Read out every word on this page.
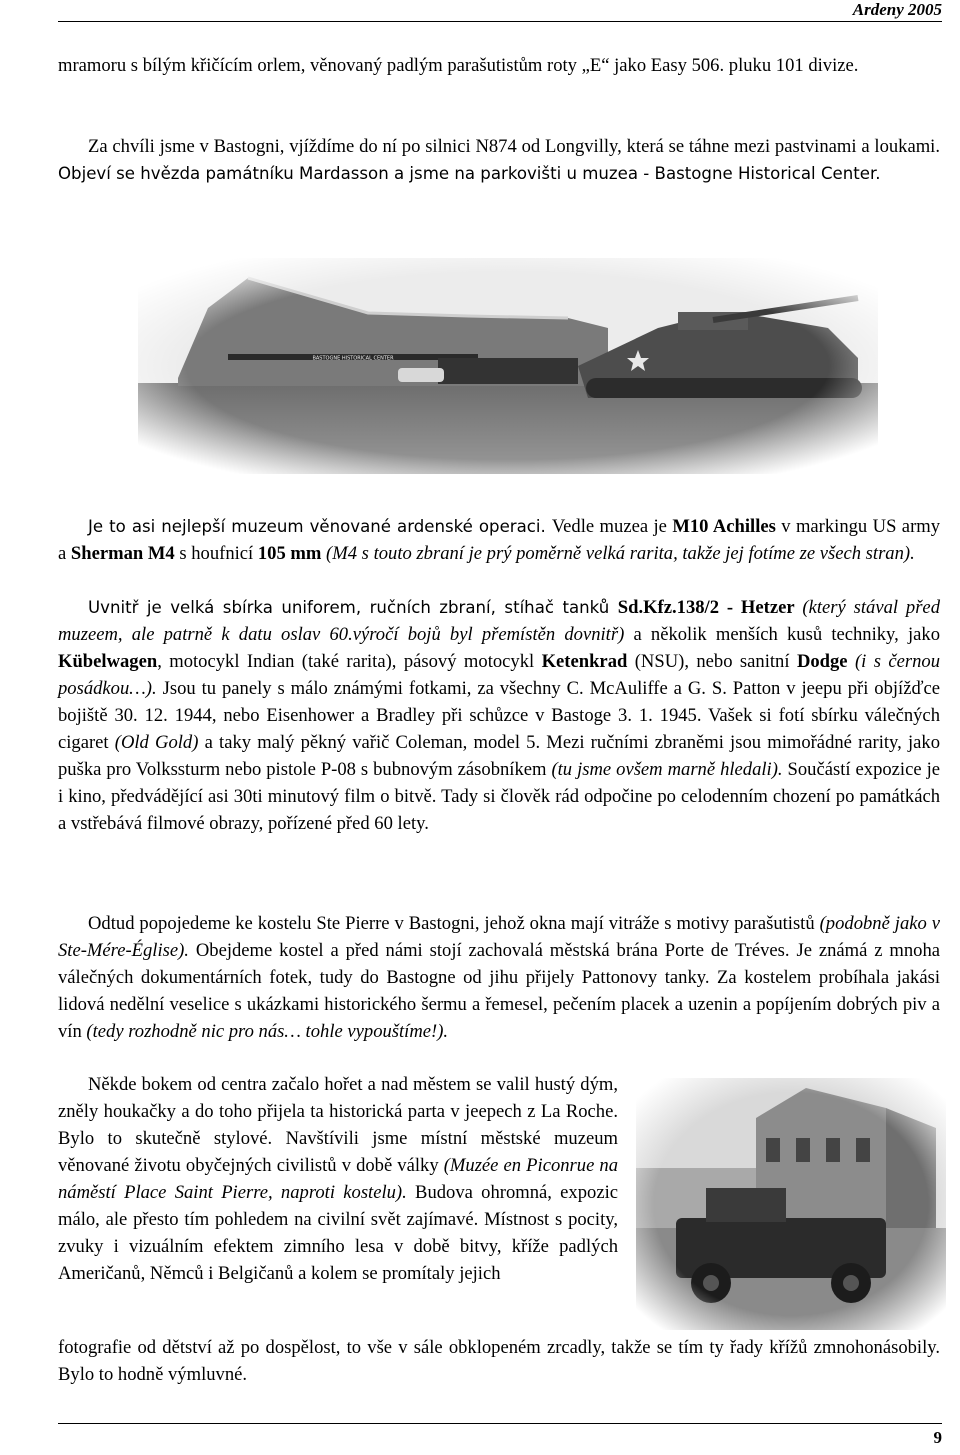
Ardeny 2005

mramoru s bílým křičícím orlem, věnovaný padlým parašutistům roty „E“ jako Easy 506. pluku 101 divize.

Za chvíli jsme v Bastogni, vjíždíme do ní po silnici N874 od Longvilly, která se táhne mezi pastvinami a loukami. Objeví se hvězda památníku Mardasson a jsme na parkovišti u muzea - Bastogne Historical Center.

Je to asi nejlepší muzeum věnované ardenské operaci. Vedle muzea je M10 Achilles v markingu US army a Sherman M4 s houfnicí 105 mm (M4 s touto zbraní je prý poměrně velká rarita, takže jej fotíme ze všech stran).

Uvnitř je velká sbírka uniforem, ručních zbraní, stíhač tanků Sd.Kfz.138/2 - Hetzer (který stával před muzeem, ale patrně k datu oslav 60.výročí bojů byl přemístěn dovnitř) a několik menších kusů techniky, jako Kübelwagen, motocykl Indian (také rarita), pásový motocykl Ketenkrad (NSU), nebo sanitní Dodge (i s černou posádkou…). Jsou tu panely s málo známými fotkami, za všechny C. McAuliffe a G. S. Patton v jeepu při objížďce bojiště 30. 12. 1944, nebo Eisenhower a Bradley při schůzce v Bastoge 3. 1. 1945. Vašek si fotí sbírku válečných cigaret (Old Gold) a taky malý pěkný vařič Coleman, model 5. Mezi ručními zbraněmi jsou mimořádné rarity, jako puška pro Volkssturm nebo pistole P-08 s bubnovým zásobníkem (tu jsme ovšem marně hledali). Součástí expozice je i kino, předvádějící asi 30ti minutový film o bitvě. Tady si člověk rád odpočine po celodenním chození po památkách a vstřebává filmové obrazy, pořízené před 60 lety.

Odtud popojedeme ke kostelu Ste Pierre v Bastogni, jehož okna mají vitráže s motivy parašutistů (podobně jako v Ste-Mére-Église). Obejdeme kostel a před námi stojí zachovalá městská brána Porte de Tréves. Je známá z mnoha válečných dokumentárních fotek, tudy do Bastogne od jihu přijely Pattonovy tanky. Za kostelem probíhala jakási lidová nedělní veselice s ukázkami historického šermu a řemesel, pečením placek a uzenin a popíjením dobrých piv a vín (tedy rozhodně nic pro nás… tohle vypouštíme!).

Někde bokem od centra začalo hořet a nad městem se valil hustý dým, zněly houkačky a do toho přijela ta historická parta v jeepech z La Roche. Bylo to skutečně stylové. Navštívili jsme místní městské muzeum věnované životu obyčejných civilistů v době války (Muzée en Piconrue na náměstí Place Saint Pierre, naproti kostelu). Budova ohromná, expozic málo, ale přesto tím pohledem na civilní svět zajímavé. Místnost s pocity, zvuky i vizuálním efektem zimního lesa v době bitvy, kříže padlých Američanů, Němců i Belgičanů a kolem se promítaly jejich

fotografie od dětství až po dospělost, to vše v sále obklopeném zrcadly, takže se tím ty řady křížů zmnohonásobily. Bylo to hodně výmluvné.

9
